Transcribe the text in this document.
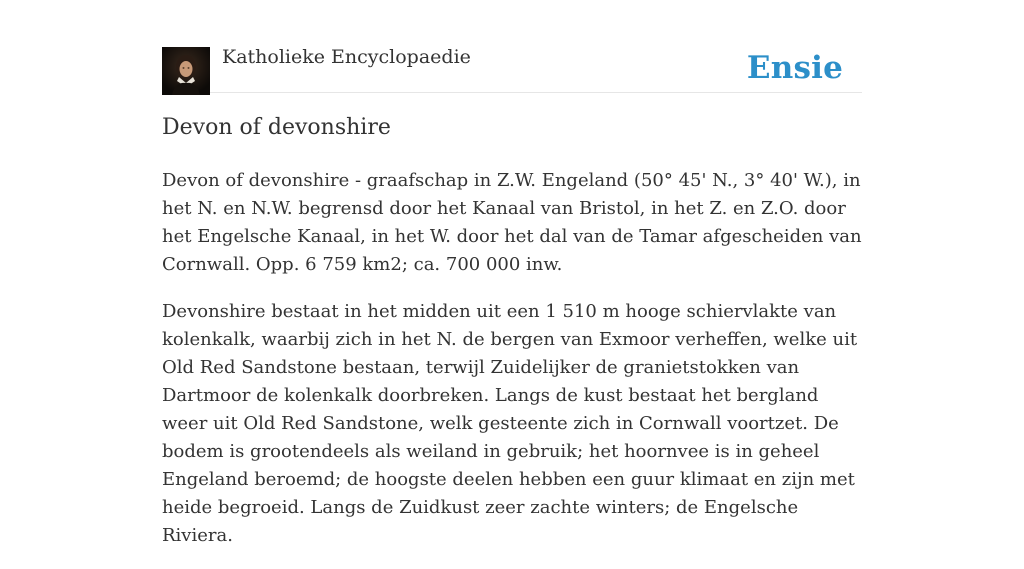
Katholieke Encyclopaedie	Ensie
Devon of devonshire

Devon of devonshire - graafschap in Z.W. Engeland (50° 45' N., 3° 40' W.), in het N. en N.W. begrensd door het Kanaal van Bristol, in het Z. en Z.O. door het Engelsche Kanaal, in het W. door het dal van de Tamar afgescheiden van Cornwall. Opp. 6 759 km2; ca. 700 000 inw.

Devonshire bestaat in het midden uit een 1 510 m hooge schiervlakte van kolenkalk, waarbij zich in het N. de bergen van Exmoor verheffen, welke uit Old Red Sandstone bestaan, terwijl Zuidelijker de granietstokken van Dartmoor de kolenkalk doorbreken. Langs de kust bestaat het bergland weer uit Old Red Sandstone, welk gesteente zich in Cornwall voortzet. De bodem is grootendeels als weiland in gebruik; het hoornvee is in geheel Engeland beroemd; de hoogste deelen hebben een guur klimaat en zijn met heide begroeid. Langs de Zuidkust zeer zachte winters; de Engelsche Riviera.
